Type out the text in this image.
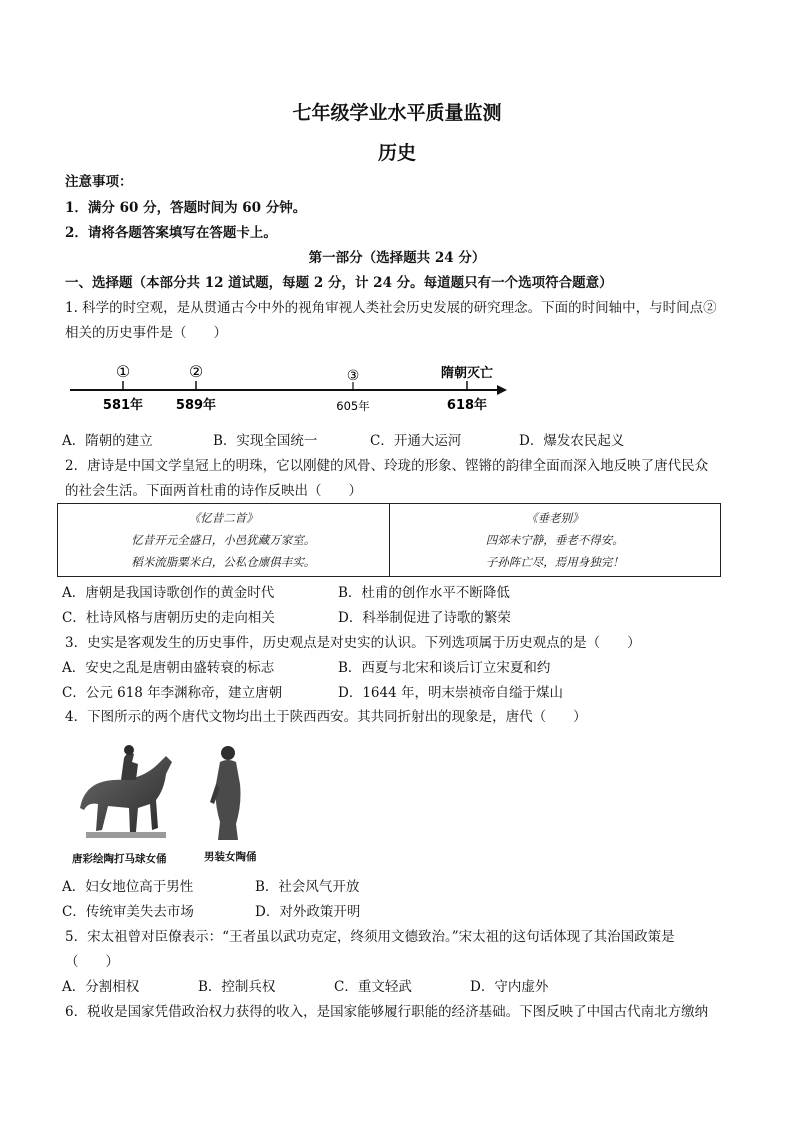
七年级学业水平质量监测
历史
注意事项：
1．满分 60 分，答题时间为 60 分钟。
2．请将各题答案填写在答题卡上。
第一部分（选择题共 24 分）
一、选择题（本部分共 12 道试题，每题 2 分，计 24 分。每道题只有一个选项符合题意）
1. 科学的时空观，是从贯通古今中外的视角审视人类社会历史发展的研究理念。下面的时间轴中，与时间点②
相关的历史事件是（　　）
①	②	③	隋朝灭亡
581年	589年	605年	618年
A．隋朝的建立	B．实现全国统一	C．开通大运河	D．爆发农民起义
2．唐诗是中国文学皇冠上的明珠，它以刚健的风骨、玲珑的形象、铿锵的韵律全面而深入地反映了唐代民众
的社会生活。下面两首杜甫的诗作反映出（　　）
《忆昔二首》
忆昔开元全盛日，小邑犹藏万家室。
稻米流脂粟米白，公私仓廪俱丰实。
《垂老别》
四郊未宁静，垂老不得安。
子孙阵亡尽，焉用身独完！
A．唐朝是我国诗歌创作的黄金时代	B．杜甫的创作水平不断降低
C．杜诗风格与唐朝历史的走向相关	D．科举制促进了诗歌的繁荣
3．史实是客观发生的历史事件，历史观点是对史实的认识。下列选项属于历史观点的是（　　）
A．安史之乱是唐朝由盛转衰的标志	B．西夏与北宋和谈后订立宋夏和约
C．公元 618 年李渊称帝，建立唐朝	D．1644 年，明末崇祯帝自缢于煤山
4．下图所示的两个唐代文物均出土于陕西西安。其共同折射出的现象是，唐代（　　）
唐彩绘陶打马球女俑	男装女陶俑
A．妇女地位高于男性	B．社会风气开放
C．传统审美失去市场	D．对外政策开明
5．宋太祖曾对臣僚表示：“王者虽以武功克定，终须用文德致治。”宋太祖的这句话体现了其治国政策是
（　　）
A．分割相权	B．控制兵权	C．重文轻武	D．守内虚外
6．税收是国家凭借政治权力获得的收入，是国家能够履行职能的经济基础。下图反映了中国古代南北方缴纳
